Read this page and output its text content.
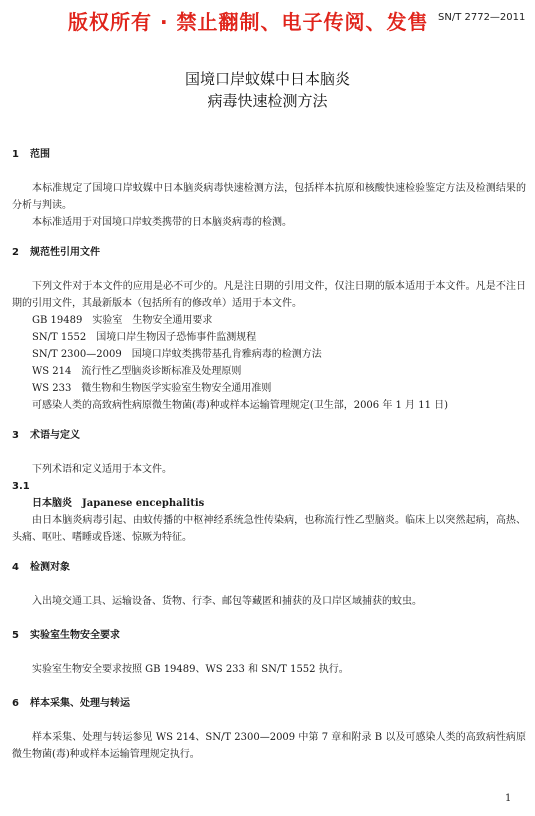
版权所有 · 禁止翻制、电子传阅、发售 SN/T 2772—2011
国境口岸蚊媒中日本脑炎
病毒快速检测方法

1 范围

本标准规定了国境口岸蚊媒中日本脑炎病毒快速检测方法，包括样本抗原和核酸快速检验鉴定方法及检测结果的分析与判读。

本标准适用于对国境口岸蚊类携带的日本脑炎病毒的检测。

2 规范性引用文件

下列文件对于本文件的应用是必不可少的。凡是注日期的引用文件，仅注日期的版本适用于本文件。凡是不注日期的引用文件，其最新版本（包括所有的修改单）适用于本文件。

GB 19489　实验室　生物安全通用要求

SN/T 1552　国境口岸生物因子恐怖事件监测规程

SN/T 2300—2009　国境口岸蚊类携带基孔肯雅病毒的检测方法

WS 214　流行性乙型脑炎诊断标准及处理原则

WS 233　微生物和生物医学实验室生物安全通用准则

可感染人类的高致病性病原微生物菌(毒)种或样本运输管理规定(卫生部，2006 年 1 月 11 日)

3 术语与定义

下列术语和定义适用于本文件。

3.1

日本脑炎 Japanese encephalitis

由日本脑炎病毒引起、由蚊传播的中枢神经系统急性传染病，也称流行性乙型脑炎。临床上以突然起病，高热、头痛、呕吐、嗜睡或昏迷、惊厥为特征。

4 检测对象

入出境交通工具、运输设备、货物、行李、邮包等藏匿和捕获的及口岸区域捕获的蚊虫。

5 实验室生物安全要求

实验室生物安全要求按照 GB 19489、WS 233 和 SN/T 1552 执行。

6 样本采集、处理与转运

样本采集、处理与转运参见 WS 214、SN/T 2300—2009 中第 7 章和附录 B 以及可感染人类的高致病性病原微生物菌(毒)种或样本运输管理规定执行。

1
